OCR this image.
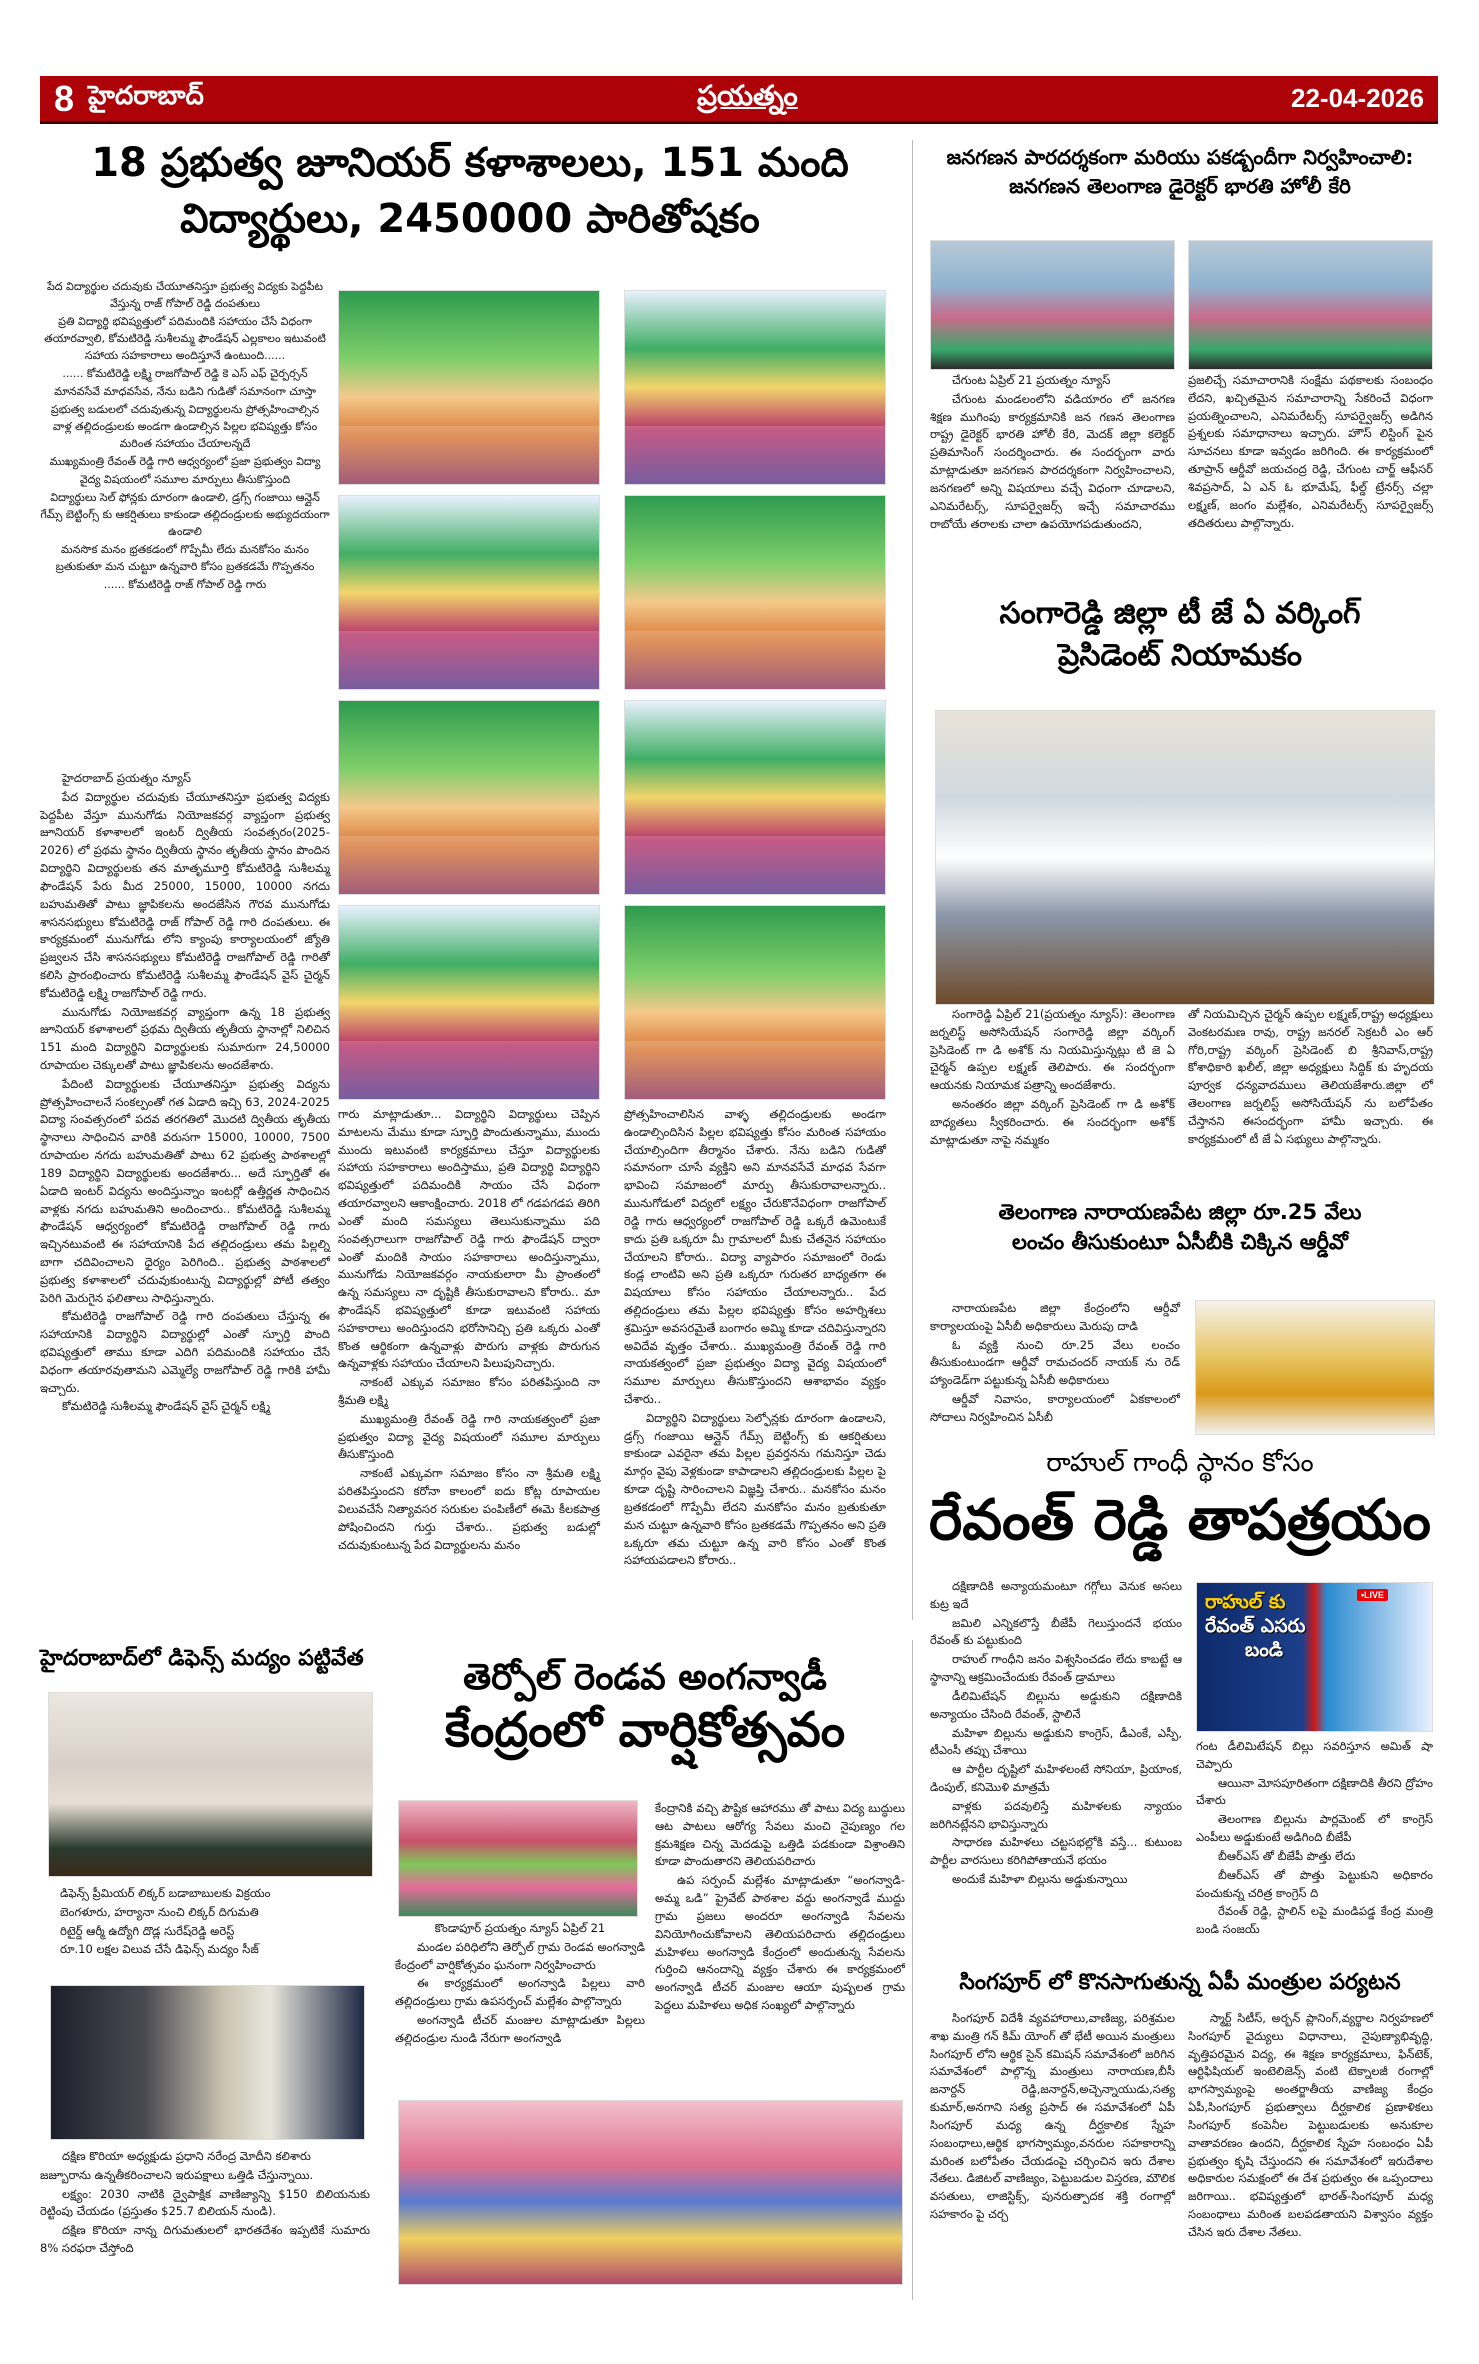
8 హైదరాబాద్	ప్రయత్నం	22-04-2026
18 ప్రభుత్వ జూనియర్ కళాశాలలు, 151 మంది
విద్యార్థులు, 2450000 పారితోషకం

పేద విద్యార్థుల చదువుకు చేయూతనిస్తూ ప్రభుత్వ విద్యకు పెద్దపీట వేస్తున్న రాజ్ గోపాల్ రెడ్డి దంపతులు

ప్రతి విద్యార్థి భవిష్యత్తులో పదిమందికి సహాయం చేసే విధంగా తయారవ్వాలి, కోమటిరెడ్డి సుశీలమ్మ ఫౌండేషన్ ఎల్లకాలం ఇటువంటి సహాయ సహకారాలు అందిస్తూనే ఉంటుంది......

...... కోమటిరెడ్డి లక్ష్మి రాజగోపాల్ రెడ్డి కె ఎస్ ఎఫ్ చైర్పర్సన్

మానవసేవే మాధవసేవ, నేను బడిని గుడితో సమానంగా చూస్తా

ప్రభుత్వ బడులలో చదువుతున్న విద్యార్థులను ప్రోత్సహించాల్సిన వాళ్ల తల్లిదండ్రులకు అండగా ఉండాల్సిన పిల్లల భవిష్యత్తు కోసం మరింత సహాయం చేయాలన్నదే

ముఖ్యమంత్రి రేవంత్ రెడ్డి గారి ఆధ్వర్యంలో ప్రజా ప్రభుత్వం విద్యా వైద్య విషయంలో సమూల మార్పులు తీసుకొస్తుంది

విద్యార్థులు సెల్ ఫోన్లకు దూరంగా ఉండాలి, డ్రగ్స్ గంజాయి ఆన్లైన్ గేమ్స్ బెట్టింగ్స్ కు ఆకర్షితులు కాకుండా తల్లిదండ్రులకు అభ్యుదయంగా ఉండాలి

మనసొక మనం భ్రతకడంలో గొప్పేమీ లేదు మనకోసం మనం బ్రతుకుతూ మన చుట్టూ ఉన్నవారి కోసం బ్రతకడమే గొప్పతనం

...... కోమటిరెడ్డి రాజ్ గోపాల్ రెడ్డి గారు

హైదరాబాద్ ప్రయత్నం న్యూస్

పేద విద్యార్థుల చదువుకు చేయూతనిస్తూ ప్రభుత్వ విద్యకు పెద్దపీట వేస్తూ మునుగోడు నియోజకవర్గ వ్యాప్తంగా ప్రభుత్వ జూనియర్ కళాశాలలో ఇంటర్ ద్వితీయ సంవత్సరం(2025-2026) లో ప్రథమ స్థానం ద్వితీయ స్థానం తృతీయ స్థానం పొందిన విద్యార్థిని విద్యార్థులకు తన మాతృమూర్తి కోమటిరెడ్డి సుశీలమ్మ ఫౌండేషన్ పేరు మీద 25000, 15000, 10000 నగదు బహుమతితో పాటు జ్ఞాపికలను అందజేసిన గౌరవ మునుగోడు శాసనసభ్యులు కోమటిరెడ్డి రాజ్ గోపాల్ రెడ్డి గారి దంపతులు. ఈ కార్యక్రమంలో మునుగోడు లోని క్యాంపు కార్యాలయంలో జ్యోతి ప్రజ్వలన చేసి శాసనసభ్యులు కోమటిరెడ్డి రాజగోపాల్ రెడ్డి గారితో కలిసి ప్రారంభించారు కోమటిరెడ్డి సుశీలమ్మ ఫౌండేషన్ వైస్ చైర్మన్ కోమటిరెడ్డి లక్ష్మి రాజగోపాల్ రెడ్డి గారు.

మునుగోడు నియోజకవర్గ వ్యాప్తంగా ఉన్న 18 ప్రభుత్వ జూనియర్ కళాశాలలో ప్రథమ ద్వితీయ తృతీయ స్థానాల్లో నిలిచిన 151 మంది విద్యార్థిని విద్యార్థులకు సుమారుగా 24,50000 రూపాయల చెక్కులతో పాటు జ్ఞాపికలను అందజేశారు.

పేదింటి విద్యార్థులకు చేయూతనిస్తూ ప్రభుత్వ విద్యను ప్రోత్సహించాలనే సంకల్పంతో గత ఏడాది ఇచ్చి 63, 2024-2025 విద్యా సంవత్సరంలో పదవ తరగతిలో మొదటి ద్వితీయ తృతీయ స్థానాలు సాధించిన వారికి వరుసగా 15000, 10000, 7500 రూపాయల నగదు బహుమతితో పాటు 62 ప్రభుత్వ పాఠశాలల్లో 189 విద్యార్థిని విద్యార్థులకు అందజేశారు... అదే స్ఫూర్తితో ఈ ఏడాది ఇంటర్ విద్యను అందిస్తున్నాం ఇంటర్లో ఉత్తీర్ణత సాధించిన వాళ్లకు నగదు బహుమతిని అందించారు.. కోమటిరెడ్డి సుశీలమ్మ ఫౌండేషన్ ఆధ్వర్యంలో కోమటిరెడ్డి రాజగోపాల్ రెడ్డి గారు ఇచ్చినటువంటి ఈ సహాయానికి పేద తల్లిదండ్రులు తమ పిల్లల్ని బాగా చదివించాలని ధైర్యం పెరిగింది.. ప్రభుత్వ పాఠశాలలో ప్రభుత్వ కళాశాలలో చదువుకుంటున్న విద్యార్థుల్లో పోటీ తత్వం పెరిగి మెరుగైన ఫలితాలు సాధిస్తున్నారు.

కోమటిరెడ్డి రాజగోపాల్ రెడ్డి గారి దంపతులు చేస్తున్న ఈ సహాయానికి విద్యార్థిని విద్యార్థుల్లో ఎంతో స్ఫూర్తి పొంది భవిష్యత్తులో తాము కూడా ఎదిగి పదిమందికి సహాయం చేసే విధంగా తయారవుతామని ఎమ్మెల్యే రాజగోపాల్ రెడ్డి గారికి హామీ ఇచ్చారు.

కోమటిరెడ్డి సుశీలమ్మ ఫౌండేషన్ వైస్ చైర్మన్ లక్ష్మి

గారు మాట్లాడుతూ... విద్యార్థిని విద్యార్థులు చెప్పిన మాటలను మేము కూడా స్ఫూర్తి పొందుతున్నాము, ముందు ముందు ఇటువంటి కార్యక్రమాలు చేస్తూ విద్యార్థులకు సహాయ సహకారాలు అందిస్తాము, ప్రతి విద్యార్థి విద్యార్థిని భవిష్యత్తులో పదిమందికి సాయం చేసే విధంగా తయారవ్వాలని ఆకాంక్షించారు. 2018 లో గడపగడప తిరిగి ఎంతో మంది సమస్యలు తెలుసుకున్నాము పది సంవత్సరాలుగా రాజగోపాల్ రెడ్డి గారు ఫౌండేషన్ ద్వారా ఎంతో మందికి సాయం సహకారాలు అందిస్తున్నాము, మునుగోడు నియోజకవర్గం నాయకులారా మీ ప్రాంతంలో ఉన్న సమస్యలు నా దృష్టికి తీసుకురావాలని కోరారు.. మా ఫౌండేషన్ భవిష్యత్తులో కూడా ఇటువంటి సహాయ సహకారాలు అందిస్తుందని భరోసానిచ్చి ప్రతి ఒక్కరు ఎంతో కొంత ఆర్థికంగా ఉన్నవాళ్లు పొరుగు వాళ్లకు పొరుగున ఉన్నవాళ్లకు సహాయం చేయాలని పిలుపునిచ్చారు.

నాకంటే ఎక్కువ సమాజం కోసం పరితపిస్తుంది నా శ్రీమతి లక్ష్మి

ముఖ్యమంత్రి రేవంత్ రెడ్డి గారి నాయకత్వంలో ప్రజా ప్రభుత్వం విద్యా వైద్య విషయంలో సమూల మార్పులు తీసుకొస్తుంది

నాకంటే ఎక్కువగా సమాజం కోసం నా శ్రీమతి లక్ష్మి పరితపిస్తుందని కరోనా కాలంలో ఐదు కోట్ల రూపాయల విలువచేసే నిత్యావసర సరుకుల పంపిణీలో ఈమె కీలకపాత్ర పోషించిందని గుర్తు చేశారు.. ప్రభుత్వ బడుల్లో చదువుకుంటున్న పేద విద్యార్థులను మనం

ప్రోత్సహించాలిసిన వాళ్ళ తల్లిదండ్రులకు అండగా ఉండాల్సిందిసిన పిల్లల భవిష్యత్తు కోసం మరింత సహాయం చేయాల్సిందిగా తీర్మానం చేశారు. నేను బడిని గుడితో సమానంగా చూసే వ్యక్తిని అని మానవసేవే మాధవ సేవగా భావించి సమాజంలో మార్పు తీసుకురావాలన్నారు.. మునుగోడులో విద్యలో లక్ష్యం చేరుకొనేవిధంగా రాజగోపాల్ రెడ్డి గారు ఆధ్వర్యంలో రాజగోపాల్ రెడ్డి ఒక్కరే ఉమెంటుకే కాదు ప్రతి ఒక్కరూ మీ గ్రామాలలో మీకు చేతనైన సహాయం చేయాలని కోరారు.. విద్యా వ్యాపారం సమాజంలో రెండు కండ్ల లాంటివి అని ప్రతి ఒక్కరూ గురుతర బాధ్యతగా ఈ విషయాలు కోసం సహాయం చేయాలన్నారు.. పేద తల్లిదండ్రులు తమ పిల్లల భవిష్యత్తు కోసం అహర్నిశలు శ్రమిస్తూ అవసరమైతే బంగారం అమ్మి కూడా చదివిస్తున్నారని అవిదేవ వృత్తం చేశారు.. ముఖ్యమంత్రి రేవంత్ రెడ్డి గారి నాయకత్వంలో ప్రజా ప్రభుత్వం విద్యా వైద్య విషయంలో సమూల మార్పులు తీసుకొస్తుందని ఆశాభావం వ్యక్తం చేశారు..

విద్యార్థిని విద్యార్థులు సెల్ఫోన్లకు దూరంగా ఉండాలని, డ్రగ్స్ గంజాయి ఆన్లైన్ గేమ్స్ బెట్టింగ్స్ కు ఆకర్షితులు కాకుండా ఎవరైనా తమ పిల్లల ప్రవర్తనను గమనిస్తూ చెడు మార్గం వైపు వెళ్లకుండా కాపాడాలని తల్లిదండ్రులకు పిల్లల పై కూడా దృష్టి సారించాలని విజ్ఞప్తి చేశారు.. మనకోసం మనం బ్రతకడంలో గొప్పేమీ లేదని మనకోసం మనం బ్రతుకుతూ మన చుట్టూ ఉన్నవారి కోసం బ్రతకడమే గొప్పతనం అని ప్రతి ఒక్కరూ తమ చుట్టూ ఉన్న వారి కోసం ఎంతో కొంత సహాయపడాలని కోరారు..

జనగణన పారదర్శకంగా మరియు పకడ్బందీగా నిర్వహించాలి:
జనగణన తెలంగాణ డైరెక్టర్ భారతి హోలీ కేరి

చేగుంట ఏప్రిల్ 21 ప్రయత్నం న్యూస్

చేగుంట మండలంలోని వడియారం లో జనగణ శిక్షణ ముగింపు కార్యక్రమానికి జన గణన తెలంగాణ రాష్ట్ర డైరెక్టర్ భారతి హోలీ కేరి, మెదక్ జిల్లా కలెక్టర్ ప్రతిమాసింగ్ సందర్శించారు. ఈ సందర్భంగా వారు మాట్లాడుతూ జనగణన పారదర్శకంగా నిర్వహించాలని, జనగణలో అన్ని విషయాలు వచ్చే విధంగా చూడాలని, ఎనిమరేటర్స్, సూపర్వైజర్స్ ఇచ్చే సమాచారము రాబోయే తరాలకు చాలా ఉపయోగపడుతుందని,

ప్రజలిచ్చే సమాచారానికి సంక్షేమ పథకాలకు సంబంధం లేదని, ఖచ్చితమైన సమాచారాన్ని సేకరించే విధంగా ప్రయత్నించాలని, ఎనిమరేటర్స్ సూపర్వైజర్స్ అడిగిన ప్రశ్నలకు సమాధానాలు ఇచ్చారు. హౌస్ లిస్టింగ్ పైన సూచనలు కూడా ఇవ్వడం జరిగింది. ఈ కార్యక్రమంలో తూప్రాన్ ఆర్డీవో జయచంద్ర రెడ్డి, చేగుంట చార్జ్ ఆఫీసర్ శివప్రసాద్, ఏ ఎన్ ఓ భూమేష్, ఫీల్డ్ ట్రేనర్స్ చల్లా లక్ష్మణ్, జంగం మల్లేశం, ఎనిమరేటర్స్ సూపర్వైజర్స్ తదితరులు పాల్గొన్నారు.

సంగారెడ్డి జిల్లా టీ జే ఏ వర్కింగ్
ప్రెసిడెంట్ నియామకం

సంగారెడ్డి ఏప్రిల్ 21(ప్రయత్నం న్యూస్): తెలంగాణ జర్నలిస్ట్ అసోసియేషన్ సంగారెడ్డి జిల్లా వర్కింగ్ ప్రెసిడెంట్ గా డి అశోక్ ను నియమిస్తున్నట్లు టి జె ఏ చైర్మన్ ఉప్పల లక్ష్మణ్ తెలిపారు. ఈ సందర్భంగా ఆయనకు నియామక పత్రాన్ని అందజేశారు.

అనంతరం జిల్లా వర్కింగ్ ప్రెసిడెంట్ గా డి అశోక్ బాధ్యతలు స్వీకరించారు. ఈ సందర్భంగా అశోక్ మాట్లాడుతూ నాపై నమ్మకం

తో నియమిచ్చిన చైర్మన్ ఉప్పల లక్ష్మణ్,రాష్ట్ర అధ్యక్షులు వెంకటరమణ రావు, రాష్ట్ర జనరల్ సెక్రటరీ ఎం ఆర్ గోరి,రాష్ట్ర వర్కింగ్ ప్రెసిడెంట్ బి శ్రీనివాస్,రాష్ట్ర కోశాధికారి ఖలీల్, జిల్లా అధ్యక్షులు సిద్ధిక్ కు హృదయ పూర్వక ధన్యవాదములు తెలియజేశారు.జిల్లా లో తెలంగాణ జర్నలిస్ట్ అసోసియేషన్ ను బలోపేతం చేస్తానని ఈసందర్భంగా హామీ ఇచ్చారు. ఈ కార్యక్రమంలో టీ జే ఏ సభ్యులు పాల్గొన్నారు.

తెలంగాణ నారాయణపేట జిల్లా రూ.25 వేలు
లంచం తీసుకుంటూ ఏసీబీకి చిక్కిన ఆర్డీవో

నారాయణపేట జిల్లా కేంద్రంలోని ఆర్డీవో కార్యాలయంపై ఏసీబీ అధికారులు మెరుపు దాడి

ఓ వ్యక్తి నుంచి రూ.25 వేలు లంచం తీసుకుంటుండగా ఆర్డీవో రామచందర్ నాయక్ ను రెడ్ హ్యాండెడ్‌గా పట్టుకున్న ఏసీబీ అధికారులు

ఆర్డీవో నివాసం, కార్యాలయంలో ఏకకాలంలో సోదాలు నిర్వహించిన ఏసీబీ

రాహుల్ గాంధీ స్థానం కోసం
రేవంత్ రెడ్డి తాపత్రయం

దక్షిణాదికి అన్యాయమంటూ గగ్గోలు వెనుక అసలు కుట్ర ఇదే

జమిలి ఎన్నికలొస్తే బీజేపీ గెలుస్తుందనే భయం రేవంత్ కు పట్టుకుంది

రాహుల్ గాంధీని జనం విశ్వసించడం లేదు కాబట్టే ఆ స్థానాన్ని ఆక్రమించేందుకు రేవంత్ డ్రామాలు

డీలిమిటేషన్ బిల్లును అడ్డుకుని దక్షిణాదికి అన్యాయం చేసింది రేవంత్, స్టాలినే

మహిళా బిల్లును అడ్డుకుని కాంగ్రెస్, డీఎంకే, ఎస్పీ, టీఎంసీ తప్పు చేశాయి

ఆ పార్టీల దృష్టిలో మహిళలంటే సోనియా, ప్రియాంక, డింపుల్, కనిమొళి మాత్రమే

వాళ్లకు పదవులిస్తే మహిళలకు న్యాయం జరిగినట్లేనని భావిస్తున్నారు

సాధారణ మహిళలు చట్టసభల్లోకి వస్తే... కుటుంబ పార్టీల వారసులు కరిగిపోతాయనే భయం

అందుకే మహిళా బిల్లును అడ్డుకున్నాయి

రాహుల్ కు
రేవంత్ ఎసరు
బండి
•LIVE

గంట డీలిమిటేషన్ బిల్లు సవరిస్తూన అమిత్ షా చెప్పారు

ఆయినా మోసపూరితంగా దక్షిణాదికి తీరని ద్రోహం చేశారు

తెలంగాణ బిల్లును పార్లమెంట్ లో కాంగ్రెస్ ఎంపీలు అడ్డుకుంటే అడిగింది బీజేపీ

బీఆర్ఎస్ తో బీజేపీ పొత్తు లేదు

బీఆర్ఎస్ తో పొత్తు పెట్టుకుని అధికారం పంచుకున్న చరిత్ర కాంగ్రెస్ ది

రేవంత్ రెడ్డి, స్టాలిన్ లపై మండిపడ్డ కేంద్ర మంత్రి బండి సంజయ్

సింగపూర్ లో కొనసాగుతున్న ఏపీ మంత్రుల పర్యటన

సింగపూర్ విదేశీ వ్యవహారాలు,వాణిజ్య, పరిశ్రమల శాఖ మంత్రి గన్ కిమ్ యోంగ్ తో భేటీ అయిన మంత్రులు సింగపూర్ లోని ఆర్థిక సైన్ కమిషన్ సమావేశంలో జరిగిన సమావేశంలో పాల్గొన్న మంత్రులు నారాయణ,బీసీ జనార్దన్ రెడ్డి,జనార్దన్,అచ్చెన్నాయుడు,సత్య కుమార్,అనగాని సత్య ప్రసాద్ ఈ సమావేశంలో ఏపీ సింగపూర్ మధ్య ఉన్న దీర్ఘకాలిక స్నేహ సంబంధాలు,ఆర్థిక భాగస్వామ్యం,వనరుల సహకారాన్ని మరింత బలోపేతం చేయడంపై చర్చించిన ఇరు దేశాల నేతలు. డిజిటల్ వాణిజ్యం, పెట్టుబడుల విస్తరణ, మౌలిక వసతులు, లాజిస్టిక్స్, పునరుత్పాదక శక్తి రంగాల్లో సహకారం పై చర్చ

స్మార్ట్ సిటీస్, అర్బన్ ప్లానింగ్,వ్యర్థాల నిర్వహణలో సింగపూర్ వైద్యులు విధానాలు, నైపుణ్యాభివృద్ధి, వృత్తిపరమైన విద్య, ఈ శిక్షణ కార్యక్రమాలు, ఫిన్‌టెక్, ఆర్టిఫిషియల్ ఇంటెలిజెన్స్ వంటి టెక్నాలజీ రంగాల్లో భాగస్వామ్యంపై అంతర్జాతీయ వాణిజ్య కేంద్రం ఏపీ,సింగపూర్ ప్రభుత్వాలు దీర్ఘకాలిక ప్రణాళికలు సింగపూర్ కంపెనీల పెట్టుబడులకు అనుకూల వాతావరణం ఉందని, దీర్ఘకాలిక స్నేహ సంబంధం ఏపీ ప్రభుత్వం కృషి చేస్తుందని ఈ సమావేశంలో ఇరుదేశాల అధికారుల సమక్షంలో ఈ దేశ ప్రభుత్వం ఈ ఒప్పందాలు జరిగాయి.. భవిష్యత్తులో భారత్-సింగపూర్ మధ్య సంబంధాలు మరింత బలపడతాయని విశ్వాసం వ్యక్తం చేసిన ఇరు దేశాల నేతలు.

హైదరాబాద్‌లో డిఫెన్స్ మద్యం పట్టివేత

డిఫెన్స్ ప్రీమియర్ లిక్కర్ బడాబాబులకు విక్రయం

బెంగళూరు, హర్యానా నుంచి లిక్కర్ దిగుమతి

రిటైర్డ్ ఆర్మీ ఉద్యోగి దొడ్ల సురేష్‌రెడ్డి అరెస్ట్

రూ.10 లక్షల విలువ చేసే డిఫెన్స్ మద్యం సీజ్

దక్షిణ కొరియా అధ్యక్షుడు ప్రధాని నరేంద్ర మోదీని కలిశారు

జజ్బూరాను ఉన్నతీకరించాలని ఇరుపక్షాలు ఒత్తిడి చేస్తున్నాయి.

లక్ష్యం: 2030 నాటికి ద్వైపాక్షిక వాణిజ్యాన్ని $150 బిలియనుకు రెట్టింపు చేయడం (ప్రస్తుతం $25.7 బిలియన్ నుండి).

దక్షిణ కొరియా నాన్న దిగుమతులలో భారతదేశం ఇప్పటికే సుమారు 8% సరఫరా చేస్తోంది

తెర్పోల్ రెండవ అంగన్వాడీ
కేంద్రంలో వార్షికోత్సవం

కొండాపూర్ ప్రయత్నం న్యూస్ ఏప్రిల్ 21

మండల పరిధిలోని తెర్పోల్ గ్రామ రెండవ అంగన్వాడి కేంద్రంలో వార్షికోత్సవం ఘనంగా నిర్వహించారు

ఈ కార్యక్రమంలో అంగన్వాడి పిల్లలు వారి తల్లిదండ్రులు గ్రామ ఉపసర్పంచ్ మల్లేశం పాల్గొన్నారు

అంగన్వాడి టీచర్ మంజుల మాట్లాడుతూ పిల్లలు తల్లిదండ్రుల నుండి నేరుగా అంగన్వాడి

కేంద్రానికి వచ్చి పౌష్టిక ఆహారము తో పాటు విద్య బుద్ధులు ఆట పాటలు ఆరోగ్య సేవలు మంచి నైపుణ్యం గల క్రమశిక్షణ చిన్న మెదడుపై ఒత్తిడి పడకుండా విశ్రాంతిని కూడా పొందుతారని తెలియపరిచారు

ఉప సర్పంచ్ మల్లేశం మాట్లాడుతూ “అంగన్వాడి- అమ్మ ఒడి” ప్రైవేట్ పాఠశాల వద్దు అంగన్వాడే ముద్దు గ్రామ ప్రజలు అందరూ అంగన్వాడి సేవలను వినియోగించుకోవాలని తెలియపరిచారు తల్లిదండ్రులు మహిళలు అంగన్వాడి కేంద్రంలో అందుతున్న సేవలను గుర్తించి ఆనందాన్ని వ్యక్తం చేశారు ఈ కార్యక్రమంలో అంగన్వాడి టీచర్ మంజుల ఆయా పుష్పలత గ్రామ పెద్దలు మహిళలు అధిక సంఖ్యలో పాల్గొన్నారు
